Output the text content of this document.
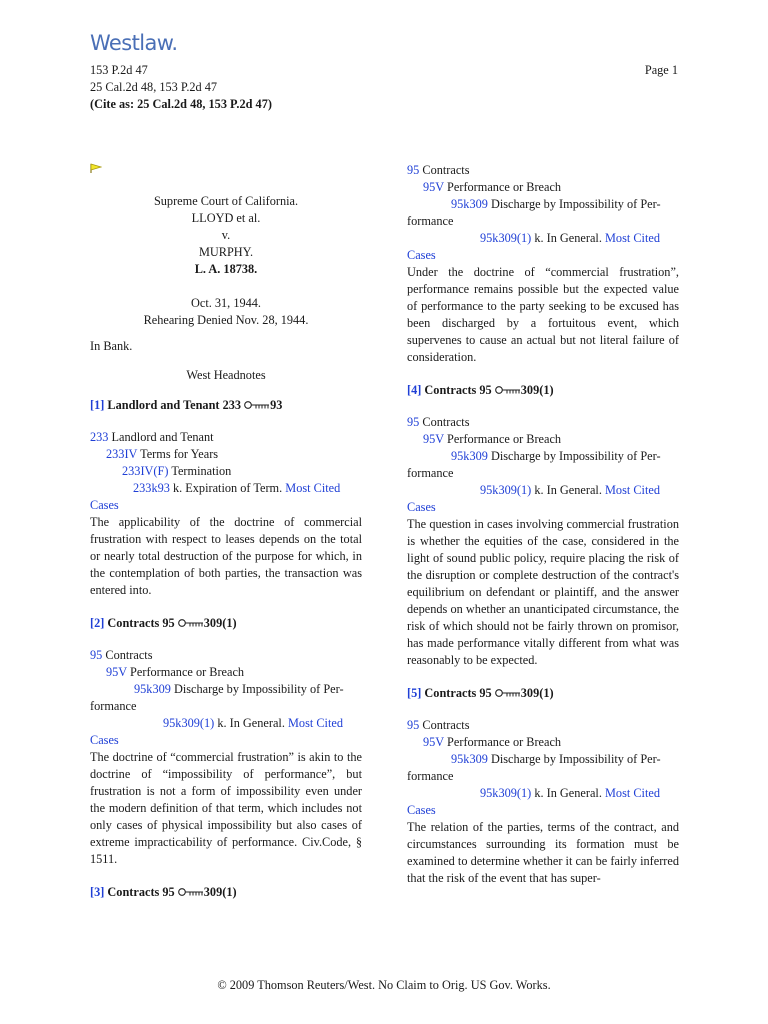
Westlaw.
153 P.2d 47
25 Cal.2d 48, 153 P.2d 47
(Cite as: 25 Cal.2d 48, 153 P.2d 47)
Page 1
Supreme Court of California.
LLOYD et al.
v.
MURPHY.
L. A. 18738.
Oct. 31, 1944.
Rehearing Denied Nov. 28, 1944.
In Bank.
West Headnotes
[1] Landlord and Tenant 233 93
233 Landlord and Tenant
233IV Terms for Years
233IV(F) Termination
233k93 k. Expiration of Term. Most Cited
Cases
The applicability of the doctrine of commercial frustration with respect to leases depends on the total or nearly total destruction of the purpose for which, in the contemplation of both parties, the transaction was entered into.
[2] Contracts 95 309(1)
95 Contracts
95V Performance or Breach
95k309 Discharge by Impossibility of Per-
formance
95k309(1) k. In General. Most Cited
Cases
The doctrine of “commercial frustration” is akin to the doctrine of “impossibility of performance”, but frustration is not a form of impossibility even under the modern definition of that term, which includes not only cases of physical impossibility but also cases of extreme impracticability of performance. Civ.Code, § 1511.
[3] Contracts 95 309(1)
95 Contracts
95V Performance or Breach
95k309 Discharge by Impossibility of Per-
formance
95k309(1) k. In General. Most Cited
Cases
Under the doctrine of “commercial frustration”, performance remains possible but the expected value of performance to the party seeking to be excused has been discharged by a fortuitous event, which supervenes to cause an actual but not literal failure of consideration.
[4] Contracts 95 309(1)
95 Contracts
95V Performance or Breach
95k309 Discharge by Impossibility of Per-
formance
95k309(1) k. In General. Most Cited
Cases
The question in cases involving commercial frustration is whether the equities of the case, considered in the light of sound public policy, require placing the risk of the disruption or complete destruction of the contract's equilibrium on defendant or plaintiff, and the answer depends on whether an unanticipated circumstance, the risk of which should not be fairly thrown on promisor, has made performance vitally different from what was reasonably to be expected.
[5] Contracts 95 309(1)
95 Contracts
95V Performance or Breach
95k309 Discharge by Impossibility of Per-
formance
95k309(1) k. In General. Most Cited
Cases
The relation of the parties, terms of the contract, and circumstances surrounding its formation must be examined to determine whether it can be fairly inferred that the risk of the event that has super-
© 2009 Thomson Reuters/West. No Claim to Orig. US Gov. Works.
